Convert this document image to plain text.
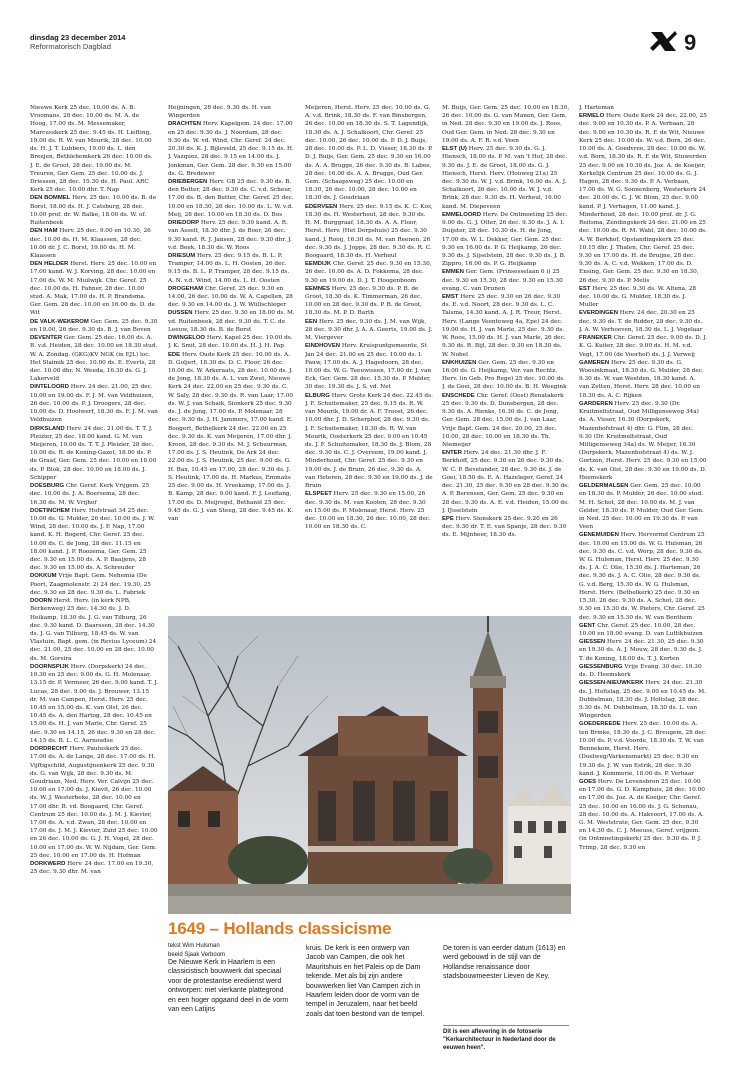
dinsdag 23 december 2014
Reformatorisch Dagblad	9

Nieuwe Kerk 25 dec. 10.00 ds. A. B. Vroomans, 28 dec. 10.00 ds. M. A. de Hoog, 17.00 ds. M. Messemaker, Marcusskerk 25 dec. 9.45 ds. H. Liefting, 19.00 ds. R. W. van Mourik, 28 dec. 10.00 ds. H. J. T. Lubbers, 19.00 ds. L. den Breejen, Bethlehemkerk 26 dec. 10.00 ds. J. E. de Groot, 28 dec. 19.00 ds. M. Treuren, Ger. Gem. 25 dec. 10.00 ds. J. Driessen, 28 dec. 15.30 ds. H. Paul. ARC Kerk 25 dec. 10.00 dhr. T. Nap

DEN BOMMEL Herv. 25 dec. 10.00 ds. B. de Borst, 18.00 ds. H. J. Catsburg, 28 dec. 10.00 prof. dr. W. Balke, 18.00 ds. W. of. Ruitenbeek

DEN HAM Herv. 25 dec. 9.00 en 10.30, 26 dec. 10.00 ds. H. M. Klaassen, 28 dec. 10.00 dr. J. C. Borst, 19.00 ds. H. M. Klaassen

DEN HELDER Herst. Herv. 25 dec. 10.00 en 17.00 kand. W. J. Korving, 28 dec. 10.00 en 17.00 ds. W. M. Muilwijk. Chr. Geref. 25 dec. 10.00 ds. H. Fahner, 28 dec. 10.00 stud. A. Mak, 17.00 ds. H. P. Brandsma. Ger. Gem. 28 dec. 10.00 en 16.00 ds. D. de Wit

DE VALK-WEKEROM Ger. Gem. 25 dec. 9.30 en 19.00, 26 dec. 9.30 ds. B. J. van Boven

DEVENTER Ger. Gem. 25 dec. 16.00 ds. A. B. v.d. Heiden, 28 dec. 10.00 en 18.30 stud. W. A. Zondag. (GKG)KV NGK (in EJL) loc. Het Slaimik 25 dec. 10.00 ds. E. Everts, 28 dec. 10.00 dhr. N. Weeda, 16.30 ds. G. J. Lakerveld

DINTELOORD Herv. 24 dec. 21.00, 25 dec. 10.00 en 19.00 ds. F. J. M. van Veldhuizen, 26 dec. 10.00 ds. P. J. Droogers, 28 dec. 10.00 ds. D. Hoolwerf, 18.30 ds. F. J. M. van Veldhuizen

DIRKSLAND Herv. 24 dec. 21.00 ds. T. T. J. Pleizier, 25 dec. 18.00 kand. G. M. van Meijeren, 19.00 ds. T. T. J. Pleizier, 28 dec. 10.00 ds. R. de Koning-Gazet, 18.00 ds. P. de Graaf, Ger. Gem. 25 dec. 10.00 en 18.00 ds. P. Blok, 28 dec. 10.00 en 18.00 ds. J. Schipper

DOESBURG Chr. Geref. Kerk Vrijgem. 25 dec. 10.00 ds. J. A. Boersema, 28 dec. 16.30 ds. M. W. Vrijhof

DOETINCHEM Herv. Hofstraat 34 25 dec. 10.00 ds. G. Mulder, 26 dec. 10.00 ds. J. W. Wind, 28 dec. 10.00 ds. J. P. Nap, 17.00 kand. K. H. Bogerd, Chr. Geref. 25 dec. 10.00 ds. C. de Jong, 28 dec. 11.15 en 18.00 kand. J. P. Roozema, Ger. Gem. 25 dec. 9.30 en 15.00 ds. A. P. Baaijens, 28 dec. 9.30 en 15.00 ds. A. Schreuder

DOKKUM Vrije Bapt. Gem. Nehemia (De Poort, Zaagmolenstr. 2) 24 dec. 19.30, 25 dec. 9.30 en 28 dec. 9.30 ds. L. Fabriek

DOORN Herst. Herv. (in kerk NPB, Berkenweg) 25 dec. 14.30 ds. J. D. Heikamp, 18.30 ds. J. G. van Tilburg, 26 dec. 9.30 kand. D. Baarssen, 28 dec. 14.30 ds. J. G. van Tilburg, 18.45 ds. W. van Vlastuin, Bapt. gem. (in Revius Lyceum) 24 dec. 21.00, 25 dec. 10.00 en 28 dec. 10.00 ds. M. Gorsira

DOORNSPIJK Herv. (Dorpskerk) 24 dec. 19.30 en 25 dec. 9.00 ds. G. H. Molenaar, 13.15 dr. P. Vermeer, 26 dec. 9.00 kand. T. J. Lucas, 28 dec. 9.00 ds. J. Brouwer, 13.15 dr. M. van Campen, Herst. Herv. 25 dec. 10.45 en 15.00 ds. K. van Olst, 26 dec. 10.45 ds. A. den Hartog, 28 dec. 10.45 en 15.00 ds. H. J. van Marle, Chr. Geref. 25 dec. 9.30 en 14.15, 26 dec. 9.30 en 28 dec. 14.15 ds. B. L. C. Aarnoudse

DORDRECHT Herv. Pauluskerk 25 dec. 17.00 ds. A. de Lange, 28 dec. 17.00 ds. H. Vijftigschild, Augustijnenkerk 25 dec. 9.30 ds. G. van Wijk, 28 dec. 9.30 ds. M. Goudriaan, Ned. Herv. Ver. Calvijn 25 dec. 10.00 en 17.00 ds. J. Kievit, 26 dec. 10.00 ds. W. J. Westerbeke, 28 dec. 10.00 en 17.00 dhr. B. vd. Boogaard, Chr. Geref. Centrum 25 dec. 10.00 ds. J. M. J. Kievier, 17.00 ds. A. v.d. Zwan, 28 dec. 10.00 en 17.00 ds. J. M. J. Kievier, Zuid 25 dec. 10.00 en 26 dec. 10.00 ds. G. J. H. Vogel, 28 dec. 10.00 en 17.00 ds. W. W. Nijdam, Ger. Gem. 25 dec. 10.00 en 17.00 ds. H. Hofman

DORKWERD Herv. 24 dec. 17.00 en 19.30, 25 dec. 9.30 dhr. M. van

Heijningen, 28 dec. 9.30 ds. H. van Wingerden

DRACHTEN Herv. Kapelgem. 24 dec. 17.00 en 25 dec. 9.30 ds. J. Noordam, 28 dec. 9.30 ds. W. vd. Wind, Chr. Geref. 24 dec. 20.30 ds. K. J. Bijleveld, 25 dec. 9.15 ds. H. J. Vazquez, 28 dec. 9.15 en 14.00 ds. J. Jonkman, Ger. Gem. 28 dec. 9.30 en 15.00 ds. G. Bredewer

DRIEBERGEN Herv. GB 25 dec. 9.30 ds. B. den Butter, 28 dec. 9.30 ds. C. v.d. Scheur, 17.00 ds. B. den Butter, Chr. Geref. 25 dec. 10.00 en 18.30, 26 dec. 10.00 ds. L. W. v.d. Meij, 28 dec. 10.00 en 18.30 ds. D. Bos

DRIEDORP Herv. 25 dec. 9.30 kand. A. R. van Asselt, 18.30 dhr. J. de Boer, 26 dec. 9.30 kand. R. J. Jansen, 28 dec. 9.30 dhr. J. v.d. Beek, 18.30 ds. W. Roos

DRIESUM Herv. 25 dec. 9.15 ds. B. L. P. Tramper, 14.00 ds. L. H. Oosten, 26 dec. 9.15 ds. B. L. P. Tramper, 28 dec. 9.15 ds. A. N. v.d. Wind, 14.00 ds. L. H. Oosten

DROGEHAM Chr. Geref. 25 dec. 9.30 en 14.00, 26 dec. 10.00 ds. W. A. Capellen, 28 dec. 9.30 en 14.00 ds. J. W. Wüllschleger

DUSSEN Herv. 25 dec. 9.30 en 18.00 ds. M. vd. Ruitenbeek, 28 dec. 9.30 ds. T. C. de Leeuw, 18.30 ds. B. de Borst

DWINGELOO Herv. Kapel 25 dec. 10.00 ds. J. K. Smit, 28 dec. 10.00 ds. H. J. H. Pap

EDE Herv. Oude Kerk 25 dec. 10.00 ds. A. D. Goljert, 18.30 ds. D. C. Floor, 26 dec. 10.00 ds. W. Arkeraats, 28 dec. 10.00 ds. J. de Jong, 18.30 ds. A. L. van Zwet, Nieuwe Kerk 24 dec. 22.00 en 25 dec. 9.30 ds. C. W. Saly, 28 dec. 9.30 ds. R. van Laar, 17.00 ds. W. J. van Schaik, Sionkerk 25 dec. 9.30 ds. J. de Jong, 17.00 ds. P. Molenaar, 28 dec. 9.30 ds. J. H. Jammers, 17.00 kand. E. Boogert, Bethelkerk 24 dec. 22.00 en 25 dec. 9.30 ds. K. van Meijeren, 17.00 dhr. J. Kroon, 28 dec. 9.30 ds. M. J. Schuurman, 17.00 ds. J. S. Heutink, De Ark 24 dec. 22.00 ds. J. S. Heutink, 25 dec. 9.00 ds. G. H. Bax, 10.45 en 17.00, 28 dec. 9.30 ds. J. S. Heutink, 17.00 ds. H. Markus, Emmaüs 25 dec. 9.00 ds. H. Vreekamp, 17.00 ds. J. B. Kamp, 28 dec. 9.00 kand. F. J. Leeflang, 17.00 ds. D. Meijrogel, Bethanië 25 dec. 9.45 ds. G. J. van Steeg, 28 dec. 9.45 ds. K. van

Meijeren, Herst. Herv. 25 dec. 10.00 ds. G. A. v.d. Brink, 18.30 ds. F. van Binsbergen, 26 dec. 10.00 en 18.30 ds. S. T. Lagendijk, 18.30 ds. A. J. Schalkoort, Chr. Geref. 25 dec. 10.00, 26 dec. 10.00 ds. P. D. J. Buijs, 28 dec. 10.00 ds. P. L. D. Visser, 18.30 ds. P. D. J. Buijs, Ger. Gem. 25 dec. 9.30 en 16.00 ds. A. A. Brugge, 26 dec. 9.30 ds. B. Labee, 28 dec. 16.00 ds. A. A. Brugge, Oud Ger. Gem. (Schaapsweg) 25 dec. 10.00 en 18.30, 26 dec. 10.00, 28 dec. 10.00 en 18.30 ds. J. Goudriaan

EDERVEEN Herv. 25 dec. 9.15 ds. K. C. Kos, 18.30 ds. H. Westerhout, 28 dec. 9.30 ds. H. M. Burggraaf, 18.30 ds. A. A. Floor, Herst. Herv. (Het Dorpshuis) 25 dec. 9.30 kand. J. Rooij, 16.30 ds. M. van Reenen, 26 dec. 9.30 ds. J. Joppe, 28 dec. 9.30 ds. R. C. Boogaard, 18.30 ds. H. Verheul

EEMDIJK Chr. Geref. 25 dec. 9.30 en 15.30, 26 dec. 10.00 ds. A. D. Fokkema, 28 dec. 9.30 en 19.00 ds. D. J. T. Hoogenboom

EEMNES Herv. 25 dec. 9.30 ds. P. B. de Groot, 18.30 ds. K. Timmerman, 26 dec. 10.00 en 28 dec. 9.30 ds. P. B. de Groot, 18.30 ds. M. P. D. Barth

EEN Herv. 25 dec. 9.30 ds. J. M. van Wijk, 28 dec. 9.30 dhr. J. A. A. Geerts, 19.00 ds. J. M. Viergever

EINDHOVEN Herv. Kruispuntgemeente, St Jan 24 dec. 21.00 en 25 dec. 10.00 ds. I. Pauw, 17.00 ds. A. J. Hagedoorn, 28 dec. 10.00 ds. W. G. Teeuwissen, 17.00 dr. J. van Eck, Ger. Gem. 28 dec. 15.30 ds. P. Mulder, 30 dec. 19.30 ds. J. S. vd. Net

ELBURG Herv. Grote Kerk 24 dec. 22.45 ds. J. F. Schuitemaker, 25 dec. 9.15 ds. R. W. van Mourik, 19.00 dr. A. F. Troost, 26 dec. 10.00 dhr. J. D. Scherphof, 28 dec. 9.30 ds. J. F. Schuitemaker, 18.30 ds. R. W. van Mourik, Oosterkerk 25 dec. 9.00 en 10.45 ds. J. F. Schuitemaker, 18.30 ds. J. Blom, 28 dec. 9.30 ds. C. J. Overeem, 19.00 kand. J. Minderhoud, Chr. Geref. 25 dec. 9.30 en 19.00 ds. J. de Bruin, 26 dec. 9.30 ds. A. van Heteren, 28 dec. 9.30 en 19.00 ds. J. de Bruin

ELSPEET Herv. 25 dec. 9.30 en 15.00, 26 dec. 9.30 ds. M. van Kooten, 28 dec. 9.30 en 15.00 ds. P. Molenaar, Herst. Herv. 25 dec. 10.00 en 18.30, 26 dec. 10.00, 28 dec. 10.00 en 18.30 ds. C.

M. Buijs, Ger. Gem. 25 dec. 10.00 en 18.30, 26 dec. 10.00 ds. G. van Manen, Ger. Gem. in Ned. 28 dec. 9.30 en 19.00 ds. J. Roos, Oud Ger. Gem. in Ned. 28 dec. 9.30 en 19.00 ds. A. F. R. v.d. Veen

ELST (U) Herv. 25 dec. 9.30 ds. G. J. Hiensch, 18.00 ds. P. M. van 't Hof, 28 dec. 9.30 ds. J. E. de Groot, 18.00 ds. G. J. Hiensch, Herst. Herv. (Houweg 21a) 25 dec. 9.30 ds. W. J. v.d. Brink, 16.00 ds. A. J. Schalkoort, 26 dec. 10.00 ds. W. J. v.d. Brink, 28 dec. 9.30 ds. H. Verheul, 16.00 kand. M. Diepeveen

EMMELOORD Herv. De Ontmoeting 25 dec. 9.00 ds. G. J. Otter, 26 dec. 9.30 ds. J. A. I. Duijster, 28 dec. 10.30 ds. H. de Jong, 17.00 ds. W. L. Dekker, Ger. Gem. 25 dec. 9.30 en 16.00 ds. P. G. Heijkamp, 26 dec. 9.30 ds. J. Sijselstein, 28 dec. 9.30 ds. J. B. Zippro, 16.00 ds. P. G. Heijkamp

EMMEN Ger. Gem. (Prinsesselaan 6 i) 25 dec. 9.30 en 15.30, 28 dec. 9.30 en 15.30 evang. C. van Drunen

EMST Herv. 25 dec. 9.30 en 26 dec. 9.30 ds. E. v.d. Noort, 28 dec. 9.30 ds. L. C. Talsma, 14.30 kand. A. J. R. Treur, Herst. Herv. (Lange Veenteweg 4a, Epe) 24 dec. 19.00 ds. H. J. van Marle, 25 dec. 9.30 ds. W. Roos, 15.00 ds. H. J. van Marle, 26 dec. 9.30 ds. R. Bijl, 28 dec. 9.30 en 18.30 ds. W. Nobel

ENKHUIZEN Ger. Gem. 25 dec. 9.30 en 16.00 ds. G. Heijkamp, Ver. van Rechtz. Herv. (in Geb. Pro Rege) 25 dec. 10.00 ds. J. de Goei, 28 dec. 10.00 ds. B. H. Weegink

ENSCHEDE Chr. Geref. (Oost) Renatakerk 25 dec. 9.30 ds. D. Dunsbergen, 28 dec. 9.30 ds. A. Rienks, 16.30 ds. C. de Jong, Ger. Gem. 28 dec. 15.00 ds. J. van Laar, Vrije Bapt. Gem. 24 dec. 20.00, 25 dec. 10.00, 28 dec. 10.00 en 18.30 ds. Th. Niemeijer

ENTER Herv. 24 dec. 21.30 dhr. J. F. Berkhoff, 25 dec. 9.30 en 26 dec. 9.30 ds. W. C. P. Bevelander, 28 dec. 9.30 ds. J. de Goei, 18.50 ds. E. A. Hazeleger, Geref. 24 dec. 21.30, 25 dec. 9.30 en 28 dec. 9.30 ds. A. P. Berensen, Ger. Gem. 25 dec. 9.30 en 28 dec. 9.30 ds. A. E. v.d. Heiden, 15.00 ds. J. IJsselstein

EPE Herv. Sionskerk 25 dec. 9.20 en 26 dec. 9.30 dr. T. E. van Spanje, 28 dec. 9.30 ds. E. Mijnheer, 18.30 ds.

J. Harteman

ERMELO Herv. Oude Kerk 24 dec. 22.00, 25 dec. 9.00 en 10.30 ds. P. A. Verbaan, 28 dec. 9.00 en 10.30 ds. R. F. de Wit, Nieuwe Kerk 25 dec. 10.00 ds. W. v.d. Born, 26 dec. 10.00 ds. A. Goedvree, 28 dec. 10.00 ds. W. v.d. Born, 18.30 ds. R. F. de Wit, Stuwerden 25 dec. 9.00 en 10.30 ds. Joz. A. de Koeijer, Kerkelijk Centrum 25 dec. 10.00 ds. G. J. Hagen, 28 dec. 9.30 ds. P. A. Verbaan, 17.00 ds. W. G. Sonnenberg, Westerkerk 24 dec. 20.00 ds. C. J. W. Blom, 25 dec. 9.00 kand. P. J. Verhagen, 11.00 kand. J. Minderhoud, 28 dec. 10.00 prof. dr. J. G. Reitsma, Zendingskerk 24 dec. 21.00 en 25 dec. 10.00 ds. R. M. Wahl, 28 dec. 10.00 ds. A. W. Berkhof, Opstandingskerk 25 dec. 10.15 dhr. J. Thalen, Chr. Geref. 25 dec. 9.30 en 17.00 ds. H. de Bruijne, 28 dec. 9.30 ds. A. C. v.d. Wekken, 17.00 ds. D. Ensing, Ger. Gem. 25 dec. 9.30 en 18.30, 26 dec. 9.30 ds. P. Melis

EST Herv. 25 dec. 9.30 ds. W. Altena, 28 dec. 10.00 ds. G. Mulder, 18.30 ds. J. Muller

EVERDINGEN Herv. 24 dec. 20.30 en 25 dec. 9.30 ds. T. de Ridder, 28 dec. 9.30 ds. J. A. W. Verhoeven, 18.30 ds. L. J. Vogelaar

FRANEKER Chr. Geref. 25 dec. 9.00 ds. D. J. K. G. Kuiter, 28 dec. 9.00 ds. H. M. v.d. Vegt, 17.00 (de Voorhof) ds. J. J. Verweij

GAMEREN Herv. 25 dec. 9.30 ds. G. Woesinkmaat, 18.30 ds. G. Mulder, 28 dec. 9.30 ds. W. van Weelden, 18.30 kand. A. van Zetten, Herst. Herv. 28 dec. 10.00 en 18.30 ds. A. C. Rijken

GARDEREN Herv. 25 dec. 9.30 (Dr. Kruitmeltstraat, Oud Milligenseweg 34a) ds. A. Visser, 16.30 (Dorpskerk, Mazenhofstraat 4) dhr. G. Flim, 28 dec. 9.30 (Dr. Kruitmeltstraat, Oud Milligenseweg 34a) ds. W. Meijer, 16.30 (Dorpskerk, Mazenhofstraat 4) ds. W. J. Gortzen, Herst. Herv. 25 dec. 9.30 en 15.00 ds. K. van Olst, 28 dec. 9.30 en 19.00 ds. D. Heemskerk

GELDERMALSEN Ger. Gem. 25 dec. 10.00 en 18.30 ds. P. Mulder, 26 dec. 10.00 stud. M. H. Schot, 28 dec. 10.00 ds. M. J. van Gelder, 18.30 ds. P. Mulder, Oud Ger. Gem. in Ned. 25 dec. 10.00 en 19.30 ds. P. van Veen

GENEMUIDEN Herv. Hervormd Centrum 25 dec. 10.00 en 15.00 ds. W. G. Hulsman, 26 dec. 9.30 ds. C. v.d. Worp, 28 dec. 9.30 ds. W. G. Hulsman, Herst. Herv. 25 dec. 9.30 ds. J. A. C. Olie, 15.30 ds. J. Harteman, 26 dec. 9.30 ds. J. A. C. Olie, 28 dec. 9.30 ds. G. v.d. Berg, 15.30 ds. W. G. Hulsman, Herst. Herv. (Bethelkerk) 25 dec. 9.30 en 15.30, 26 dec. 9.30 ds. A. Schot, 28 dec. 9.30 en 15.30 ds. W. Pieters, Chr. Geref. 25 dec. 9.30 en 15.30 ds. W. van Benthem

GENT Chr. Geref. 25 dec. 10.00, 28 dec. 10.00 en 18.00 evang. D. van Luttikhuizen

GIESSEN Herv. 24 dec. 21.30, 25 dec. 9.30 en 19.30 ds. A. J. Mouw, 28 dec. 9.30 ds. J. T. de Koning, 18.00 ds. T. J. Korten

GIESSENBURG Vrije Evang. 30 dec. 19.30 ds. D. Heemskerk

GIESSEN-NIEUWKERK Herv. 24 dec. 21.30 ds. J. Holtslag, 25 dec. 9.00 en 10.45 ds. M. Dubbelman, 18.30 ds. J. Holtslag, 28 dec. 9.30 ds. M. Dubbelman, 18.30 ds. L. van Wingerden

GOEDEREEDE Herv. 25 dec. 10.00 ds. A. ten Brinke, 18.30 ds. J. C. Breugem, 28 dec. 10.00 ds. P. v.d. Voorde, 18.30 ds. T. W. van Bennekom, Herst. Herv. (Doelweg/Varkensmarkt) 25 dec. 9.30 en 19.30 ds. J. W. van Estrik, 28 dec. 9.30 kand. J. Kommerie, 18.00 ds. P. Verhaar

GOES Herv. De Levensbron 25 dec. 10.00 en 17.00 ds. G. D. Kamphuis, 28 dec. 10.00 en 17.00 ds. Joz. A. de Koeijer, Chr. Geref. 25 dec. 10.00 en 16.00 ds. J. G. Schenau, 28 dec. 10.00 ds. A. Hakvoort, 17.00 ds. A. G. M. Weststrate, Ger. Gem. 25 dec. 9.30 en 14.30 ds. C. J. Meeuse, Geref. vrijgem. (in Ontmoetingskerk) 25 dec. 9.30 ds. P. J. Trimp, 28 dec. 9.30 en

1649 – Hollands classicisme
tekst Wim Hulsman
beeld Sjaak Verboom
De Nieuwe Kerk in Haarlem is een classicistisch bouwwerk dat speciaal voor de protestantse erediienst werd ontworpen: met vierkante plattegrond en een hoger opgaand deel in de vorm van een Latijns
kruis. De kerk is een ontwerp van Jacob van Campen, die ook het Mauritshuis en het Paleis op de Dam tekende. Met als bij zijn andere bouwwerken liet Van Campen zich in Haarlem leiden door de vorm van de tempel in Jeruzalem, naar het beeld zoals dat toen bestond van de tempel.
De toren is van eerder datum (1613) en werd gebouwd in de stijl van de Hollandse renaissance door stadsbouwmeester Lieven de Key.
Dit is een aflevering in de fotoserie "Kerkarchitectuur in Nederland door de eeuwen heen".
